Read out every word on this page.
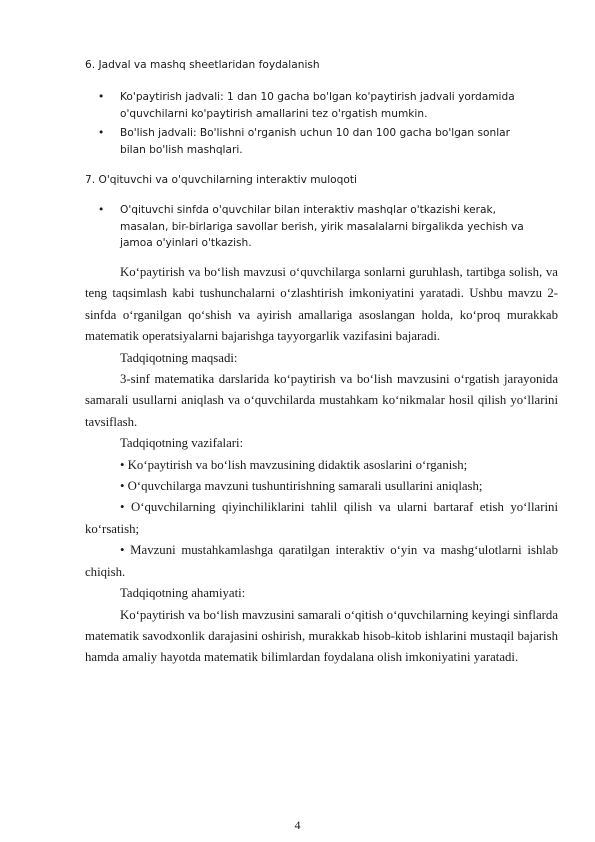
6. Jadval va mashq sheetlaridan foydalanish
• Ko'paytirish jadvali: 1 dan 10 gacha bo'lgan ko'paytirish jadvali yordamida o'quvchilarni ko'paytirish amallarini tez o'rgatish mumkin.
• Bo'lish jadvali: Bo'lishni o'rganish uchun 10 dan 100 gacha bo'lgan sonlar bilan bo'lish mashqlari.
7. O'qituvchi va o'quvchilarning interaktiv muloqoti
• O'qituvchi sinfda o'quvchilar bilan interaktiv mashqlar o'tkazishi kerak, masalan, bir-birlariga savollar berish, yirik masalalarni birgalikda yechish va jamoa o'yinlari o'tkazish.

Ko‘paytirish va bo‘lish mavzusi o‘quvchilarga sonlarni guruhlash, tartibga solish, va teng taqsimlash kabi tushunchalarni o‘zlashtirish imkoniyatini yaratadi. Ushbu mavzu 2-sinfda o‘rganilgan qo‘shish va ayirish amallariga asoslangan holda, ko‘proq murakkab matematik operatsiyalarni bajarishga tayyorgarlik vazifasini bajaradi.

Tadqiqotning maqsadi:

3-sinf matematika darslarida ko‘paytirish va bo‘lish mavzusini o‘rgatish jarayonida samarali usullarni aniqlash va o‘quvchilarda mustahkam ko‘nikmalar hosil qilish yo‘llarini tavsiflash.

Tadqiqotning vazifalari:

• Ko‘paytirish va bo‘lish mavzusining didaktik asoslarini o‘rganish;

• O‘quvchilarga mavzuni tushuntirishning samarali usullarini aniqlash;

• O‘quvchilarning qiyinchiliklarini tahlil qilish va ularni bartaraf etish yo‘llarini ko‘rsatish;

• Mavzuni mustahkamlashga qaratilgan interaktiv o‘yin va mashg‘ulotlarni ishlab chiqish.

Tadqiqotning ahamiyati:

Ko‘paytirish va bo‘lish mavzusini samarali o‘qitish o‘quvchilarning keyingi sinflarda matematik savodxonlik darajasini oshirish, murakkab hisob-kitob ishlarini mustaqil bajarish hamda amaliy hayotda matematik bilimlardan foydalana olish imkoniyatini yaratadi.

4
